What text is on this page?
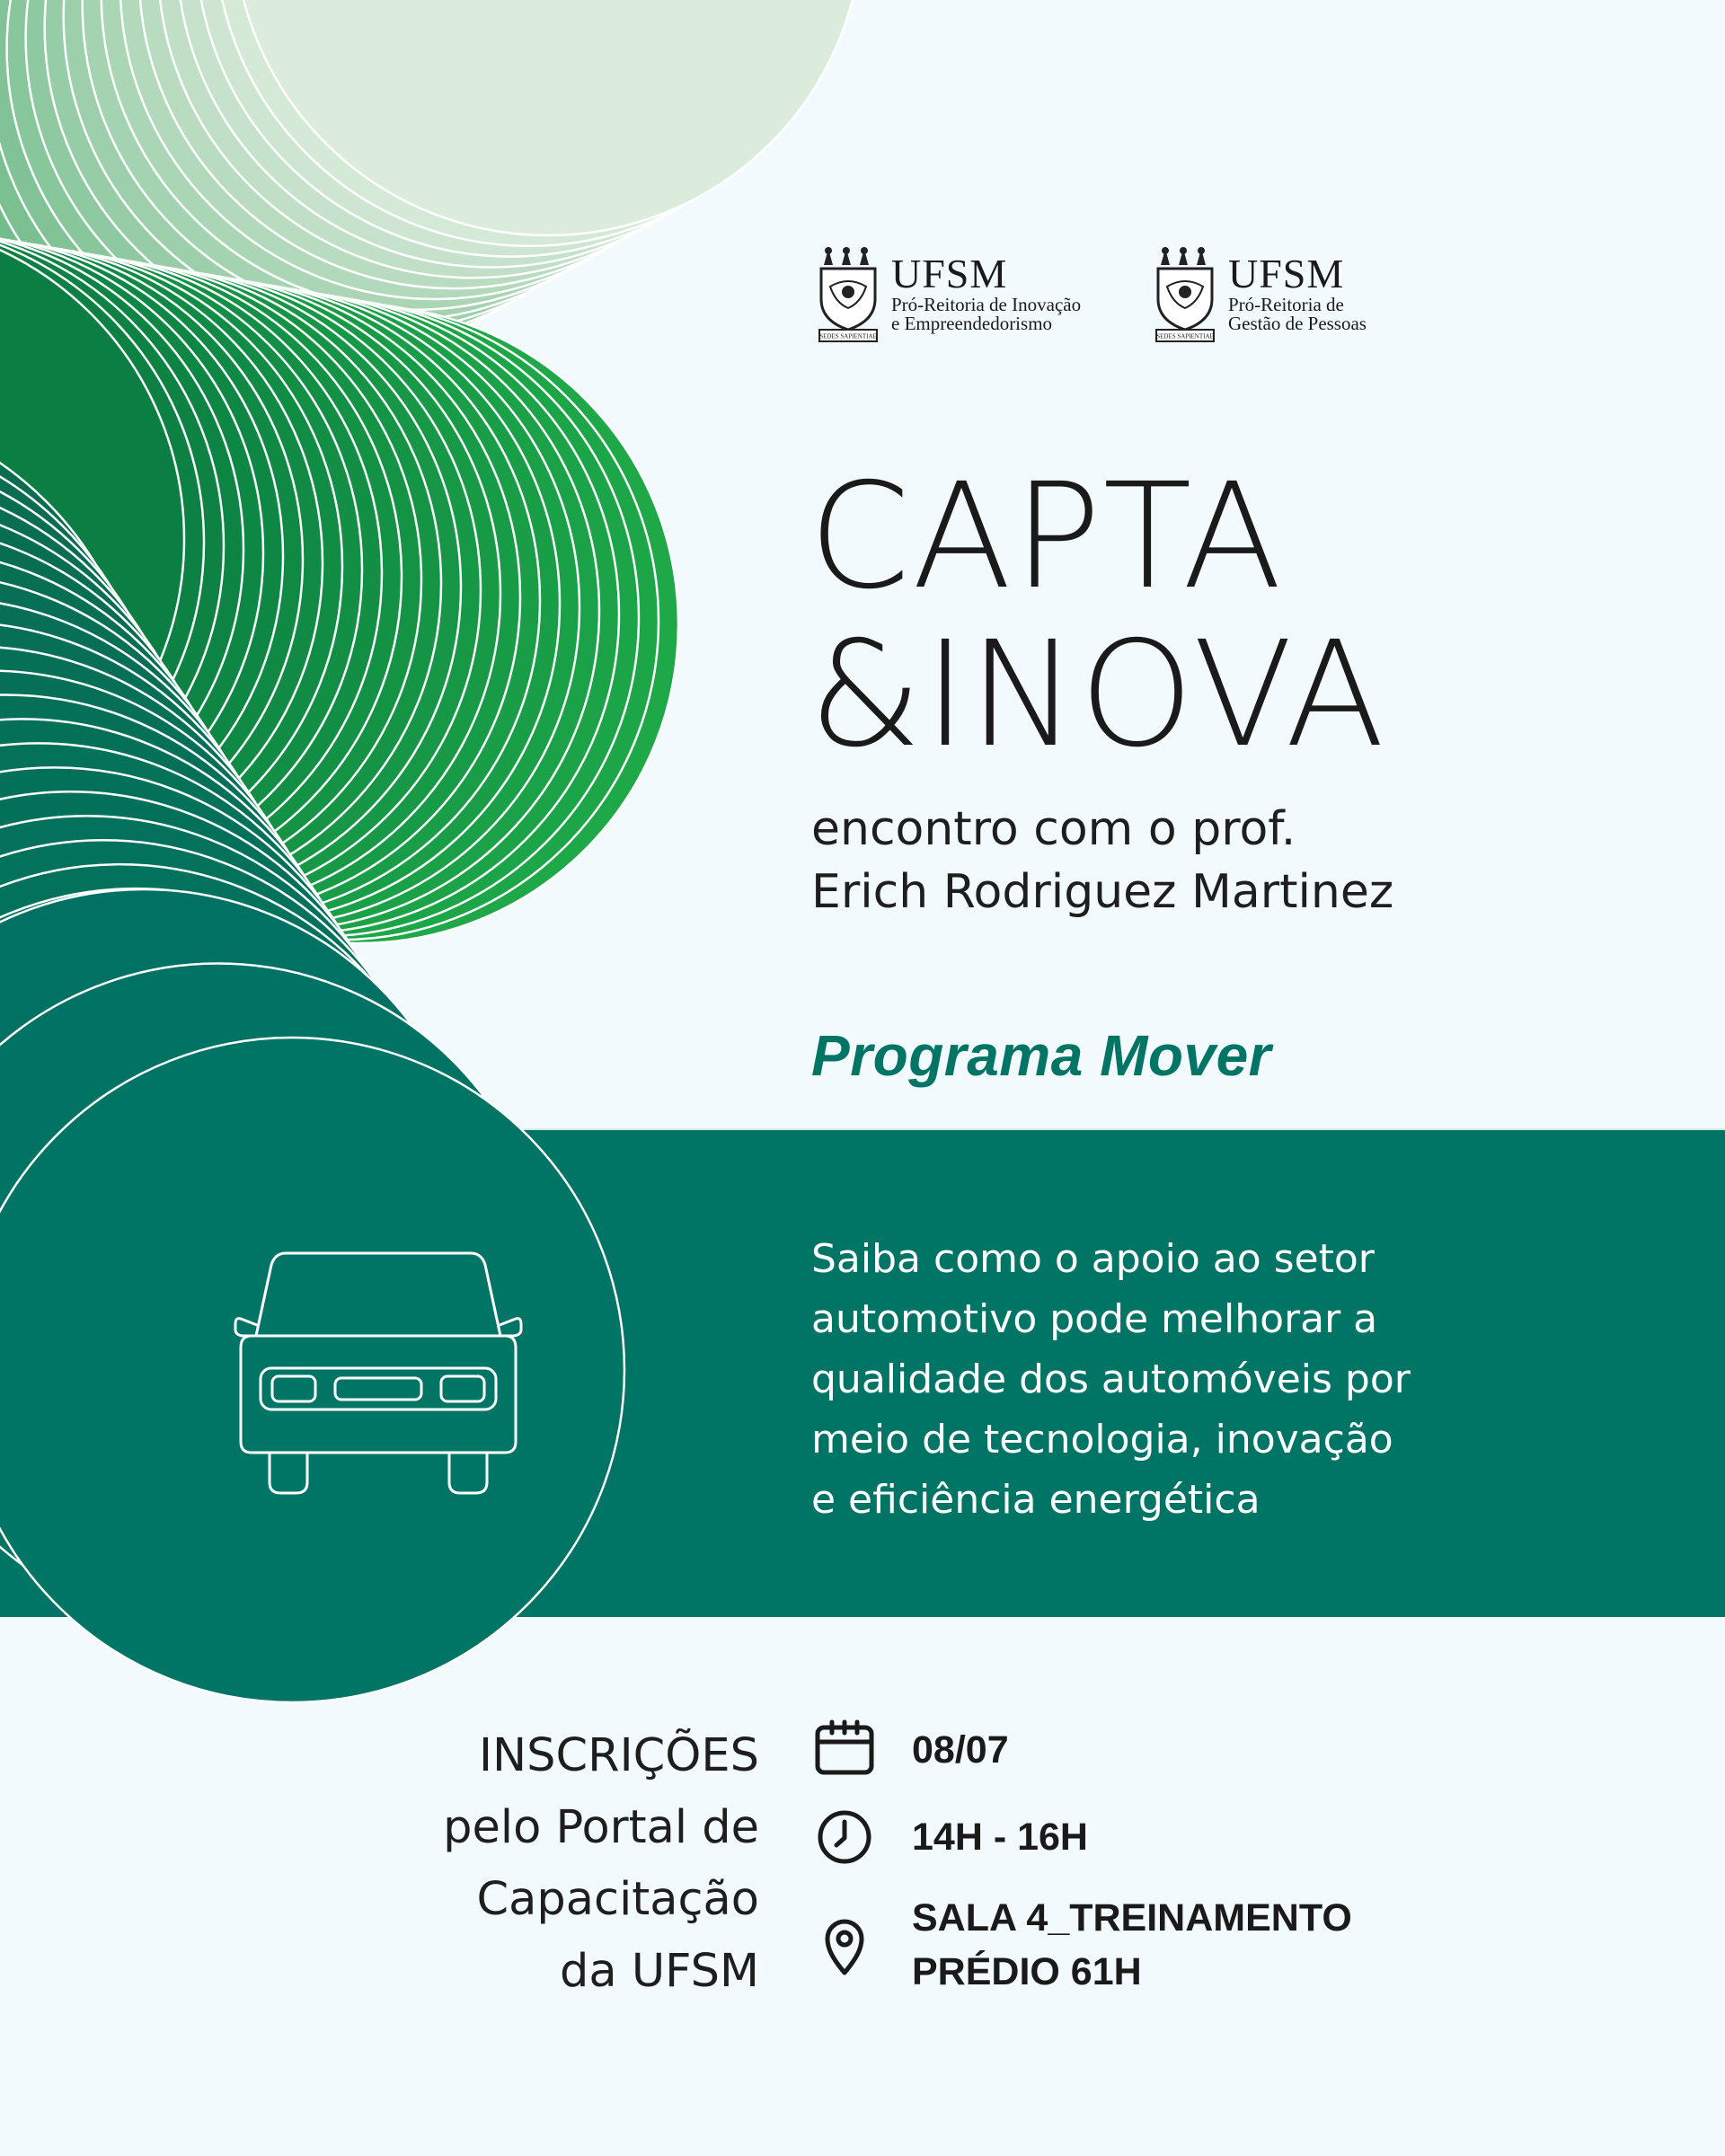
SEDES SAPIENTIAE
UFSM
Pró-Reitoria de Inovação
e Empreendedorismo
SEDES SAPIENTIAE
UFSM
Pró-Reitoria de
Gestão de Pessoas
CAPTA
&INOVA
encontro com o prof.
Erich Rodriguez Martinez
Programa Mover
Saiba como o apoio ao setor
automotivo pode melhorar a
qualidade dos automóveis por
meio de tecnologia, inovação
e eficiência energética
INSCRIÇÕES
pelo Portal de
Capacitação
da UFSM
08/07
14H - 16H
SALA 4_TREINAMENTO
PRÉDIO 61H
